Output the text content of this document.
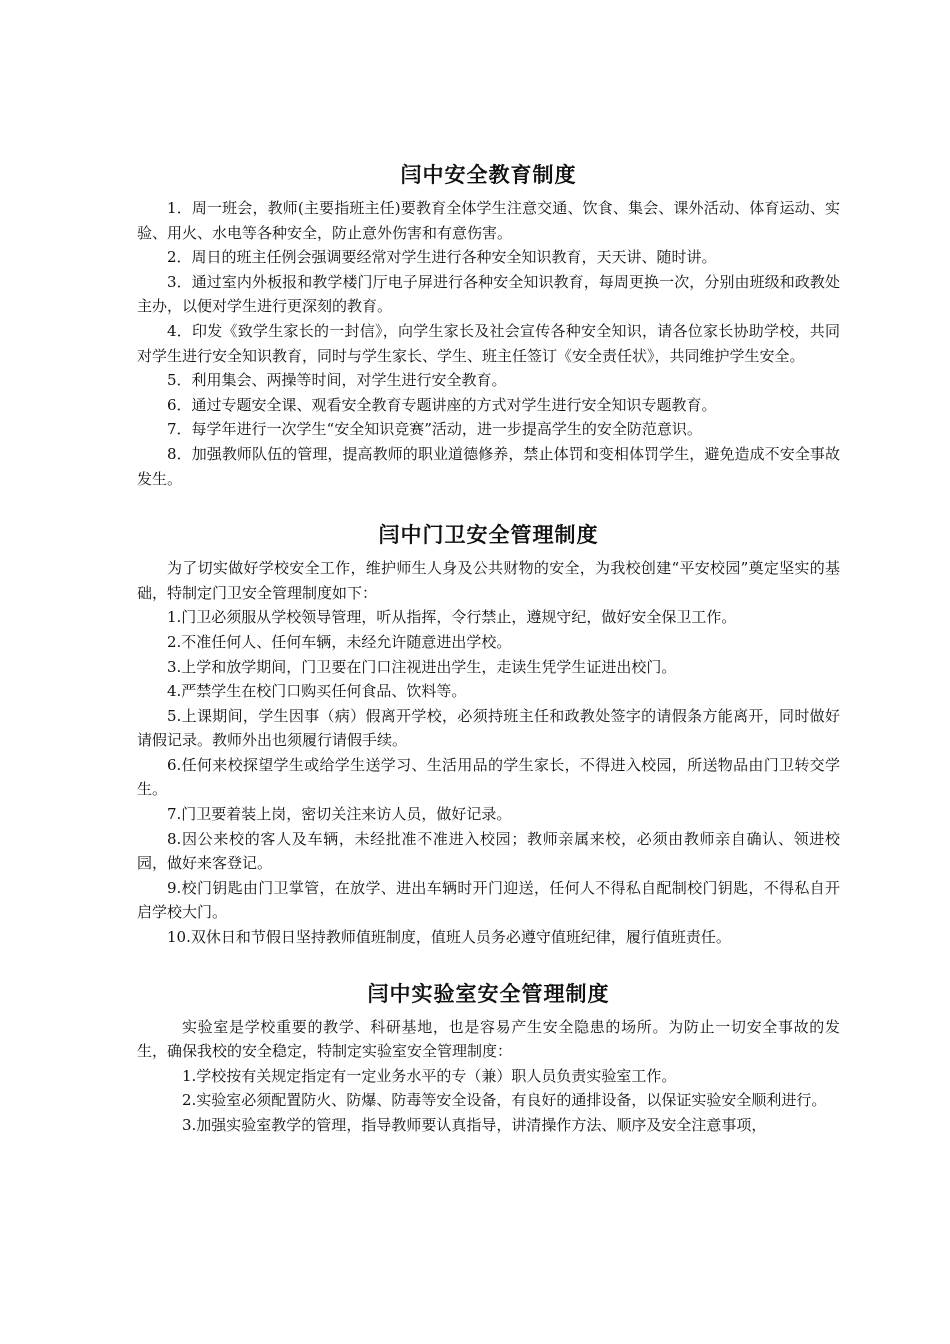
闫中安全教育制度

1．周一班会，教师(主要指班主任)要教育全体学生注意交通、饮食、集会、课外活动、体育运动、实验、用火、水电等各种安全，防止意外伤害和有意伤害。

2．周日的班主任例会强调要经常对学生进行各种安全知识教育，天天讲、随时讲。

3．通过室内外板报和教学楼门厅电子屏进行各种安全知识教育，每周更换一次，分别由班级和政教处主办，以便对学生进行更深刻的教育。

4．印发《致学生家长的一封信》，向学生家长及社会宣传各种安全知识，请各位家长协助学校，共同对学生进行安全知识教育，同时与学生家长、学生、班主任签订《安全责任状》，共同维护学生安全。

5．利用集会、两操等时间，对学生进行安全教育。

6．通过专题安全课、观看安全教育专题讲座的方式对学生进行安全知识专题教育。

7．每学年进行一次学生“安全知识竞赛”活动，进一步提高学生的安全防范意识。

8．加强教师队伍的管理，提高教师的职业道德修养，禁止体罚和变相体罚学生，避免造成不安全事故发生。

闫中门卫安全管理制度

为了切实做好学校安全工作，维护师生人身及公共财物的安全，为我校创建“平安校园”奠定坚实的基础，特制定门卫安全管理制度如下：

1.门卫必须服从学校领导管理，听从指挥，令行禁止，遵规守纪，做好安全保卫工作。

2.不准任何人、任何车辆，未经允许随意进出学校。

3.上学和放学期间，门卫要在门口注视进出学生，走读生凭学生证进出校门。

4.严禁学生在校门口购买任何食品、饮料等。

5.上课期间，学生因事（病）假离开学校，必须持班主任和政教处签字的请假条方能离开，同时做好请假记录。教师外出也须履行请假手续。

6.任何来校探望学生或给学生送学习、生活用品的学生家长，不得进入校园，所送物品由门卫转交学生。

7.门卫要着装上岗，密切关注来访人员，做好记录。

8.因公来校的客人及车辆，未经批准不准进入校园；教师亲属来校，必须由教师亲自确认、领进校园，做好来客登记。

9.校门钥匙由门卫掌管，在放学、进出车辆时开门迎送，任何人不得私自配制校门钥匙，不得私自开启学校大门。

10.双休日和节假日坚持教师值班制度，值班人员务必遵守值班纪律，履行值班责任。

闫中实验室安全管理制度

实验室是学校重要的教学、科研基地，也是容易产生安全隐患的场所。为防止一切安全事故的发生，确保我校的安全稳定，特制定实验室安全管理制度：

1.学校按有关规定指定有一定业务水平的专（兼）职人员负责实验室工作。

2.实验室必须配置防火、防爆、防毒等安全设备，有良好的通排设备，以保证实验安全顺利进行。

3.加强实验室教学的管理，指导教师要认真指导，讲清操作方法、顺序及安全注意事项，
